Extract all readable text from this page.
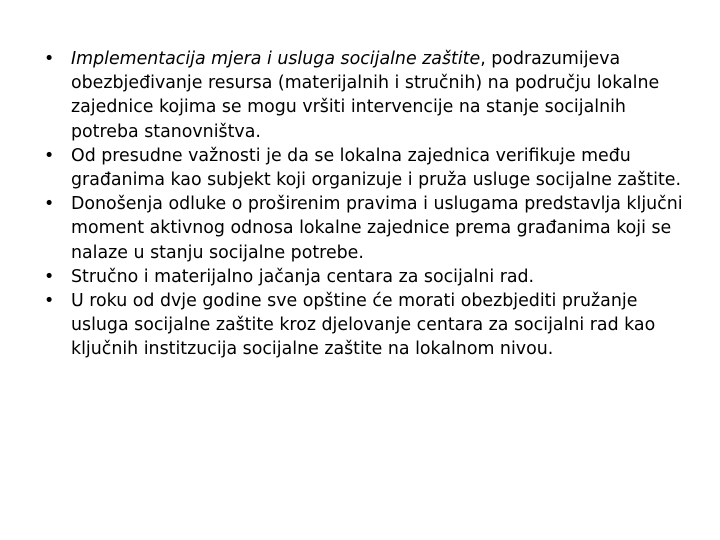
• Implementacija mjera i usluga socijalne zaštite, podrazumijeva obezbjeđivanje resursa (materijalnih i stručnih) na području lokalne zajednice kojima se mogu vršiti intervencije na stanje socijalnih potreba stanovništva.
• Od presudne važnosti je da se lokalna zajednica verifikuje među građanima kao subjekt koji organizuje i pruža usluge socijalne zaštite.
• Donošenja odluke o proširenim pravima i uslugama predstavlja ključni moment aktivnog odnosa lokalne zajednice prema građanima koji se nalaze u stanju socijalne potrebe.
• Stručno i materijalno jačanja centara za socijalni rad.
• U roku od dvje godine sve opštine će morati obezbjediti pružanje usluga socijalne zaštite kroz djelovanje centara za socijalni rad kao ključnih institzucija socijalne zaštite na lokalnom nivou.
